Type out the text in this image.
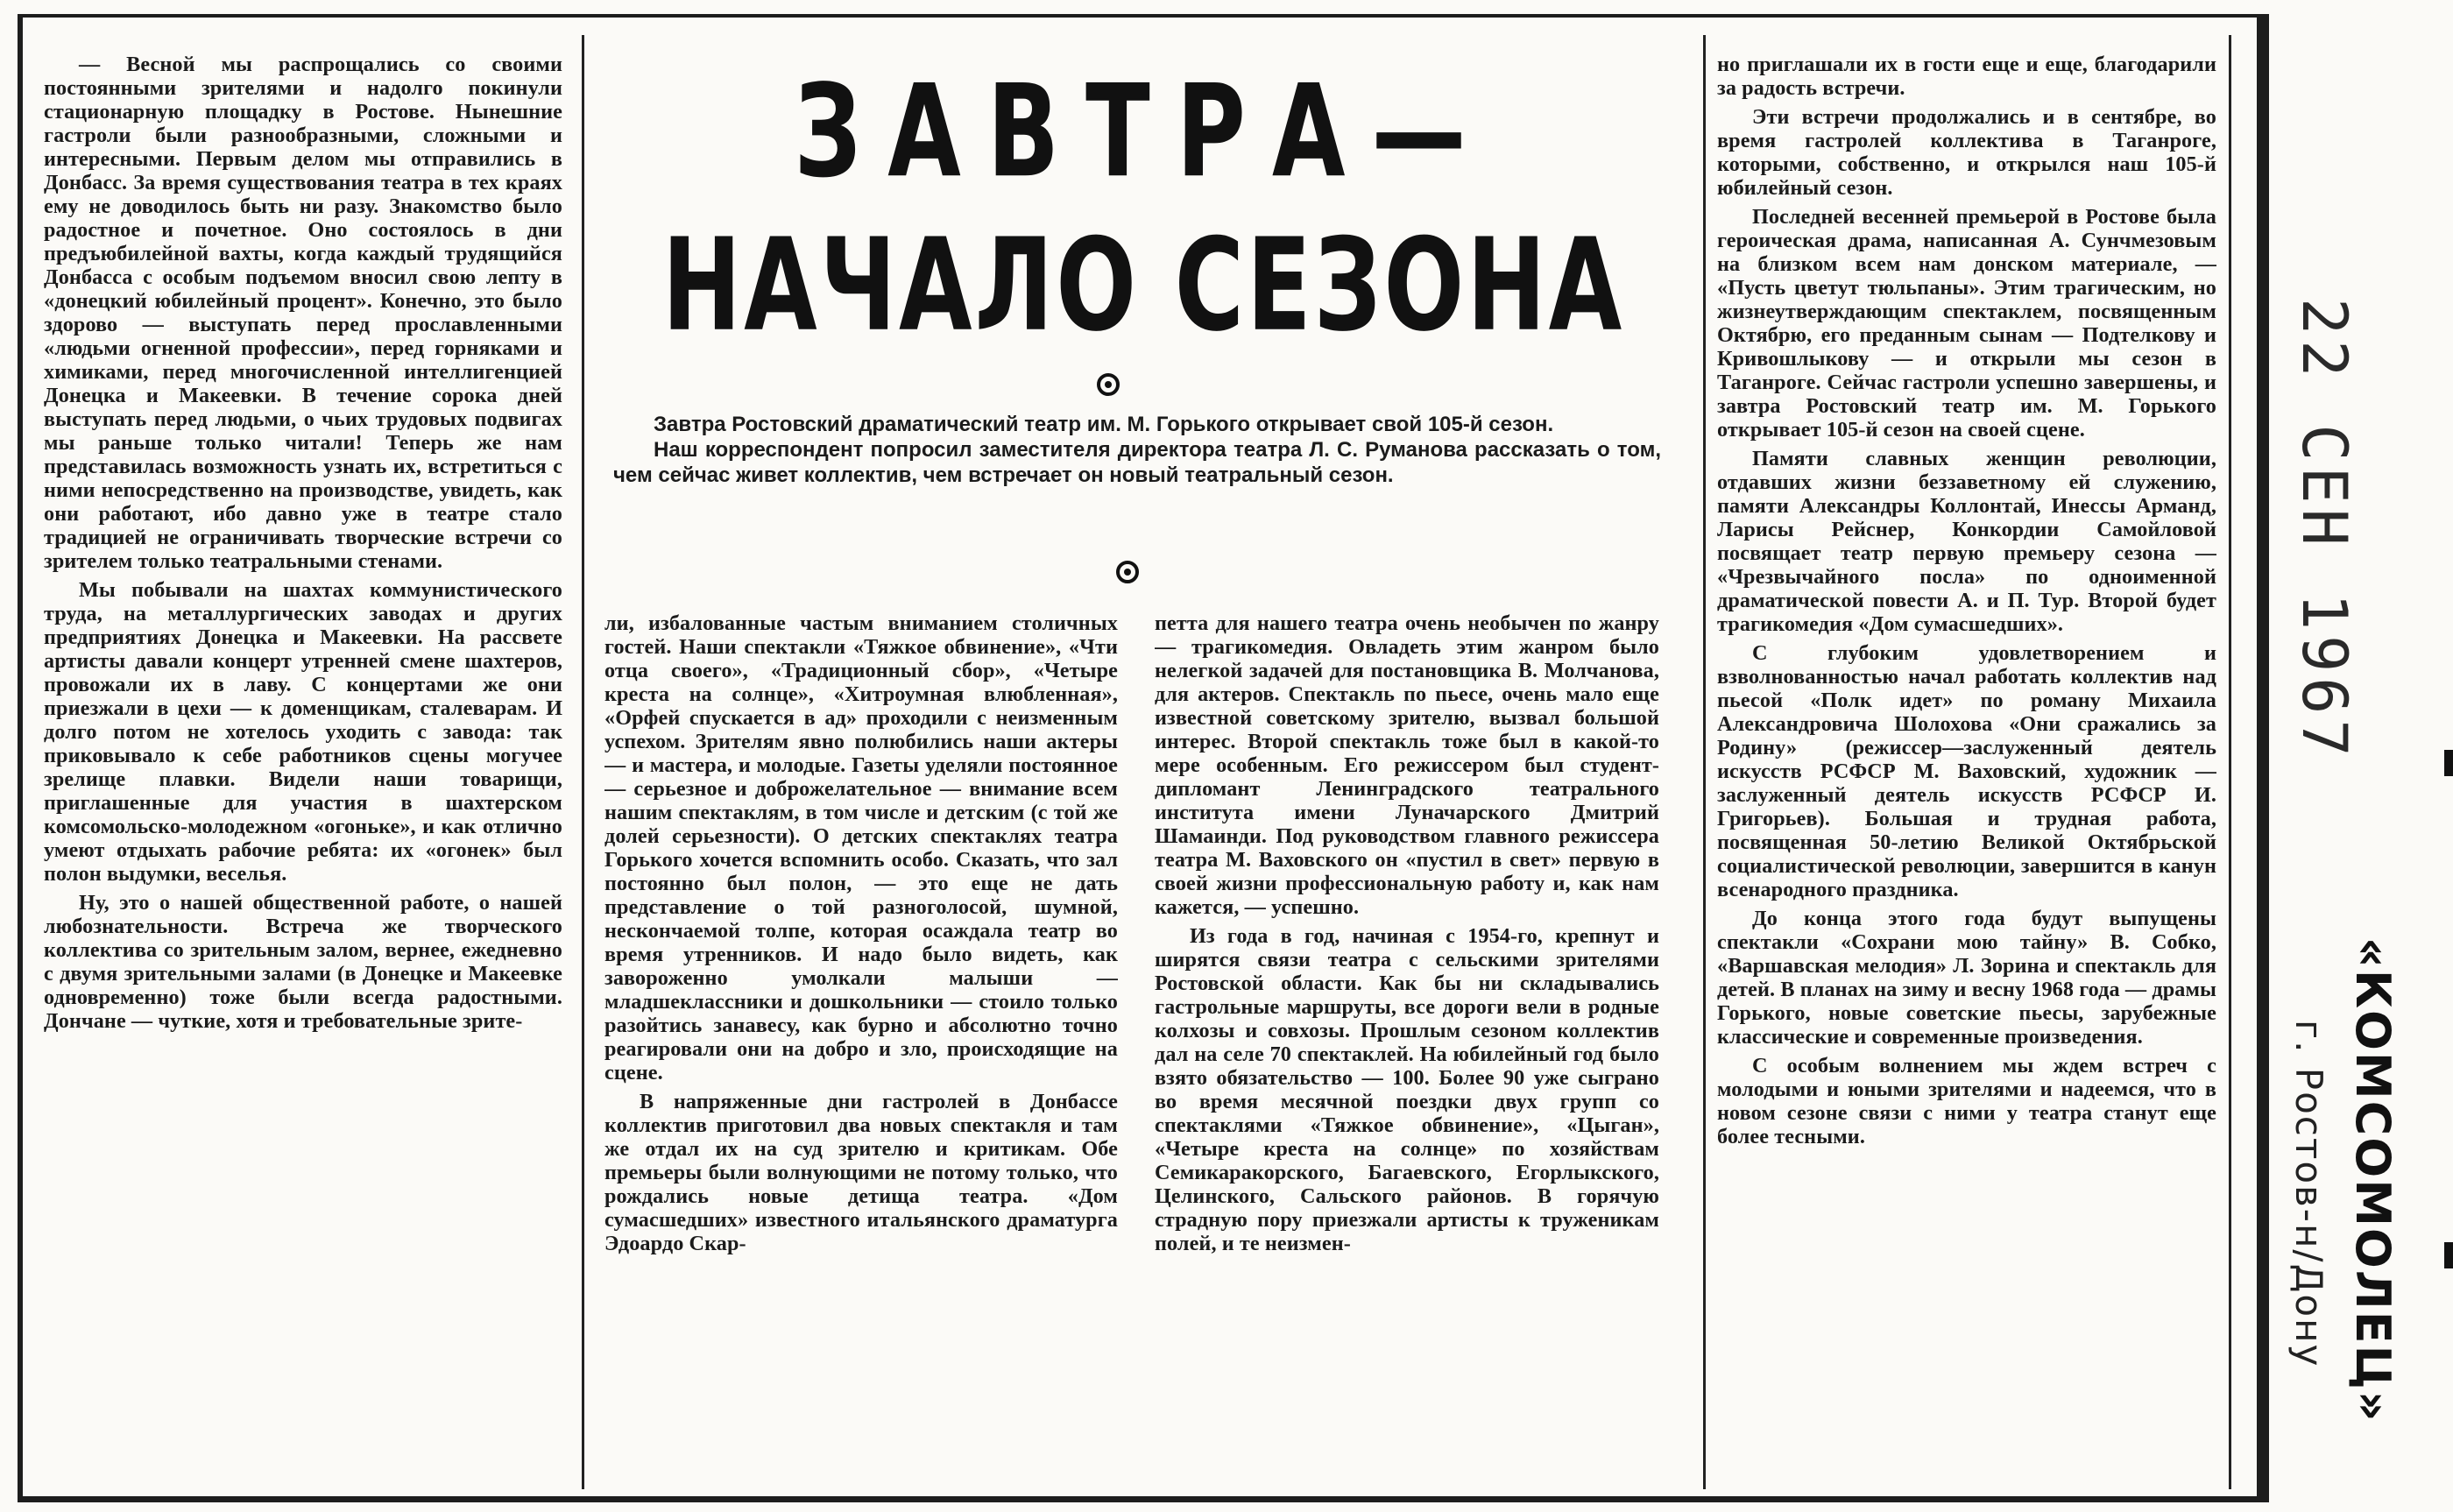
— Весной мы распрощались со своими постоянными зрителями и надолго покинули стационарную площадку в Ростове. Нынешние гастроли были разнообразными, сложными и интересными. Первым делом мы отправились в Донбасс. За время существования театра в тех краях ему не доводилось быть ни разу. Знакомство было радостное и почетное. Оно состоялось в дни предъюбилейной вахты, когда каждый трудящийся Донбасса с особым подъемом вносил свою лепту в «донецкий юбилейный процент». Конечно, это было здорово — выступать перед прославленными «людьми огненной профессии», перед горняками и химиками, перед многочисленной интеллигенцией Донецка и Макеевки. В течение сорока дней выступать перед людьми, о чьих трудовых подвигах мы раньше только читали! Теперь же нам представилась возможность узнать их, встретиться с ними непосредственно на производстве, увидеть, как они работают, ибо давно уже в театре стало традицией не ограничивать творческие встречи со зрителем только театральными стенами.

Мы побывали на шахтах коммунистического труда, на металлургических заводах и других предприятиях Донецка и Макеевки. На рассвете артисты давали концерт утренней смене шахтеров, провожали их в лаву. С концертами же они приезжали в цехи — к доменщикам, сталеварам. И долго потом не хотелось уходить с завода: так приковывало к себе работников сцены могучее зрелище плавки. Видели наши товарищи, приглашенные для участия в шахтерском комсомольско-молодежном «огоньке», и как отлично умеют отдыхать рабочие ребята: их «огонек» был полон выдумки, веселья.

Ну, это о нашей общественной работе, о нашей любознательности. Встреча же творческого коллектива со зрительным залом, вернее, ежедневно с двумя зрительными залами (в Донецке и Макеевке одновременно) тоже были всегда радостными. Дончане — чуткие, хотя и требовательные зрите-

ЗАВТРА—
НАЧАЛО СЕЗОНА

Завтра Ростовский драматический театр им. М. Горького открывает свой 105-й сезон.

Наш корреспондент попросил заместителя директора театра Л. С. Руманова рассказать о том, чем сейчас живет коллектив, чем встречает он новый театральный сезон.

ли, избалованные частым вниманием столичных гостей. Наши спектакли «Тяжкое обвинение», «Чти отца своего», «Традиционный сбор», «Четыре креста на солнце», «Хитроумная влюбленная», «Орфей спускается в ад» проходили с неизменным успехом. Зрителям явно полюбились наши актеры — и мастера, и молодые. Газеты уделяли постоянное — серьезное и доброжелательное — внимание всем нашим спектаклям, в том числе и детским (с той же долей серьезности). О детских спектаклях театра Горького хочется вспомнить особо. Сказать, что зал постоянно был полон, — это еще не дать представление о той разноголосой, шумной, нескончаемой толпе, которая осаждала театр во время утренников. И надо было видеть, как завороженно умолкали малыши — младшеклассники и дошкольники — стоило только разойтись занавесу, как бурно и абсолютно точно реагировали они на добро и зло, происходящие на сцене.

В напряженные дни гастролей в Донбассе коллектив приготовил два новых спектакля и там же отдал их на суд зрителю и критикам. Обе премьеры были волнующими не потому только, что рождались новые детища театра. «Дом сумасшедших» известного итальянского драматурга Эдоардо Скар-

петта для нашего театра очень необычен по жанру — трагикомедия. Овладеть этим жанром было нелегкой задачей для постановщика В. Молчанова, для актеров. Спектакль по пьесе, очень мало еще известной советскому зрителю, вызвал большой интерес. Второй спектакль тоже был в какой-то мере особенным. Его режиссером был студент-дипломант Ленинградского театрального института имени Луначарского Дмитрий Шамаинди. Под руководством главного режиссера театра М. Ваховского он «пустил в свет» первую в своей жизни профессиональную работу и, как нам кажется, — успешно.

Из года в год, начиная с 1954-го, крепнут и ширятся связи театра с сельскими зрителями Ростовской области. Как бы ни складывались гастрольные маршруты, все дороги вели в родные колхозы и совхозы. Прошлым сезоном коллектив дал на селе 70 спектаклей. На юбилейный год было взято обязательство — 100. Более 90 уже сыграно во время месячной поездки двух групп со спектаклями «Тяжкое обвинение», «Цыган», «Четыре креста на солнце» по хозяйствам Семикаракорского, Багаевского, Егорлыкского, Целинского, Сальского районов. В горячую страдную пору приезжали артисты к труженикам полей, и те неизмен-

но приглашали их в гости еще и еще, благодарили за радость встречи.

Эти встречи продолжались и в сентябре, во время гастролей коллектива в Таганроге, которыми, собственно, и открылся наш 105-й юбилейный сезон.

Последней весенней премьерой в Ростове была героическая драма, написанная А. Сунчмезовым на близком всем нам донском материале, — «Пусть цветут тюльпаны». Этим трагическим, но жизнеутверждающим спектаклем, посвященным Октябрю, его преданным сынам — Подтелкову и Кривошлыкову — и открыли мы сезон в Таганроге. Сейчас гастроли успешно завершены, и завтра Ростовский театр им. М. Горького открывает 105-й сезон на своей сцене.

Памяти славных женщин революции, отдавших жизни беззаветному ей служению, памяти Александры Коллонтай, Инессы Арманд, Ларисы Рейснер, Конкордии Самойловой посвящает театр первую премьеру сезона — «Чрезвычайного посла» по одноименной драматической повести А. и П. Тур. Второй будет трагикомедия «Дом сумасшедших».

С глубоким удовлетворением и взволнованностью начал работать коллектив над пьесой «Полк идет» по роману Михаила Александровича Шолохова «Они сражались за Родину» (режиссер—заслуженный деятель искусств РСФСР М. Ваховский, художник — заслуженный деятель искусств РСФСР И. Григорьев). Большая и трудная работа, посвященная 50-летию Великой Октябрьской социалистической революции, завершится в канун всенародного праздника.

До конца этого года будут выпущены спектакли «Сохрани мою тайну» В. Собко, «Варшавская мелодия» Л. Зорина и спектакль для детей. В планах на зиму и весну 1968 года — драмы Горького, новые советские пьесы, зарубежные классические и современные произведения.

С особым волнением мы ждем встреч с молодыми и юными зрителями и надеемся, что в новом сезоне связи с ними у театра станут еще более тесными.

22 СЕН 1967
«КОМСОМОЛЕЦ»
г. Ростов-н/Дону
